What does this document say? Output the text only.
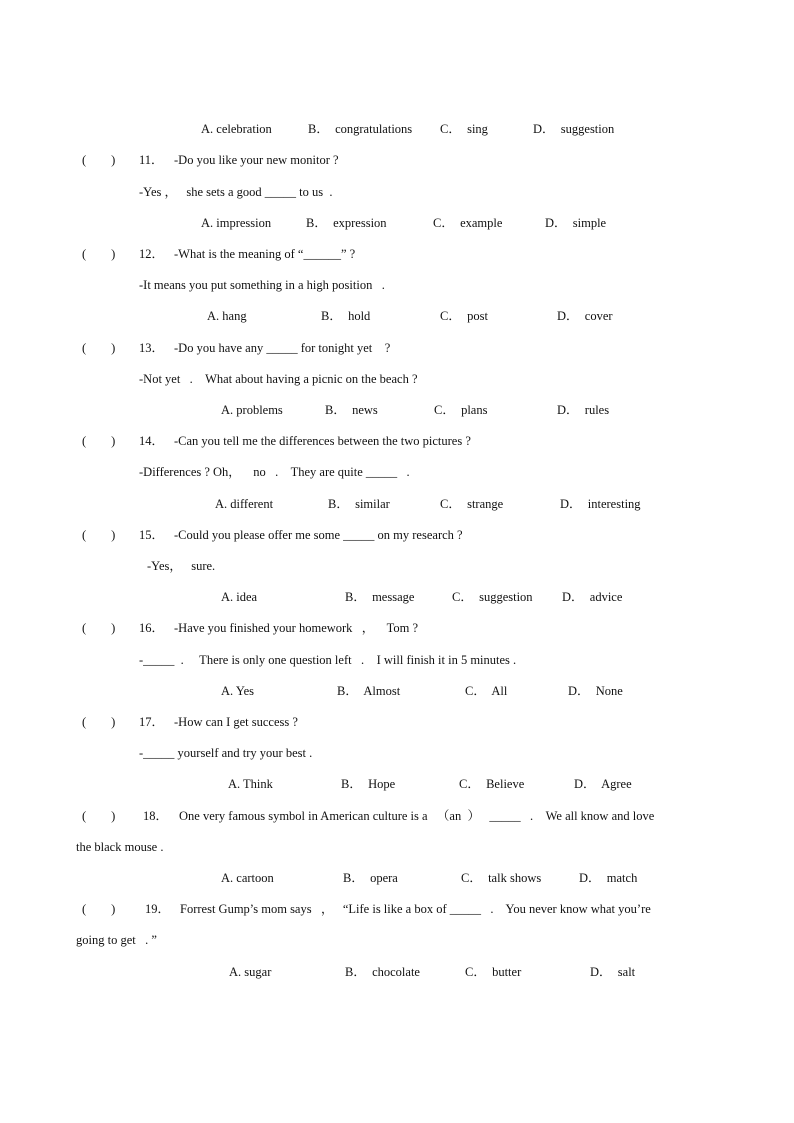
A. celebration	B．  congratulations C．  sing	D．  suggestion
(        ) 11． -Do you like your new monitor ?
-Yes ，   she sets a good _____ to us  .
A. impression	B．  expression	C．  example	D．  simple
(        ) 12． -What is the meaning of “______” ?
-It means you put something in a high position   .
A. hang	B．  hold	C．  post	D．  cover
(        ) 13． -Do you have any _____ for tonight yet    ?
-Not yet   .    What about having a picnic on the beach ?
A. problems	B．  news	C．  plans	D．  rules
(        ) 14． -Can you tell me the differences between the two pictures ?
-Differences ? Oh，    no   .    They are quite _____   .
A. different	B．  similar	C．  strange	D．  interesting
(        ) 15． -Could you please offer me some _____ on my research ?
-Yes，   sure.
A. idea	B．  message	C．  suggestion D．  advice
(        ) 16． -Have you finished your homework   ，    Tom ?
-_____  .     There is only one question left   .    I will finish it in 5 minutes .
A. Yes	B．  Almost	C．  All	D．  None
(        ) 17． -How can I get success ?
-_____ yourself and try your best .
A. Think	B．  Hope	C．  Believe	D．  Agree
(        ) 18． One very famous symbol in American culture is a   （an  ）   _____   .    We all know and love
the black mouse .
A. cartoon	B．  opera	C．  talk shows	D．  match
(        ) 19． Forrest Gump’s mom says   ，   “Life is like a box of _____   .    You never know what you’re
going to get   . ”
A. sugar	B．  chocolate	C．  butter	D．  salt
